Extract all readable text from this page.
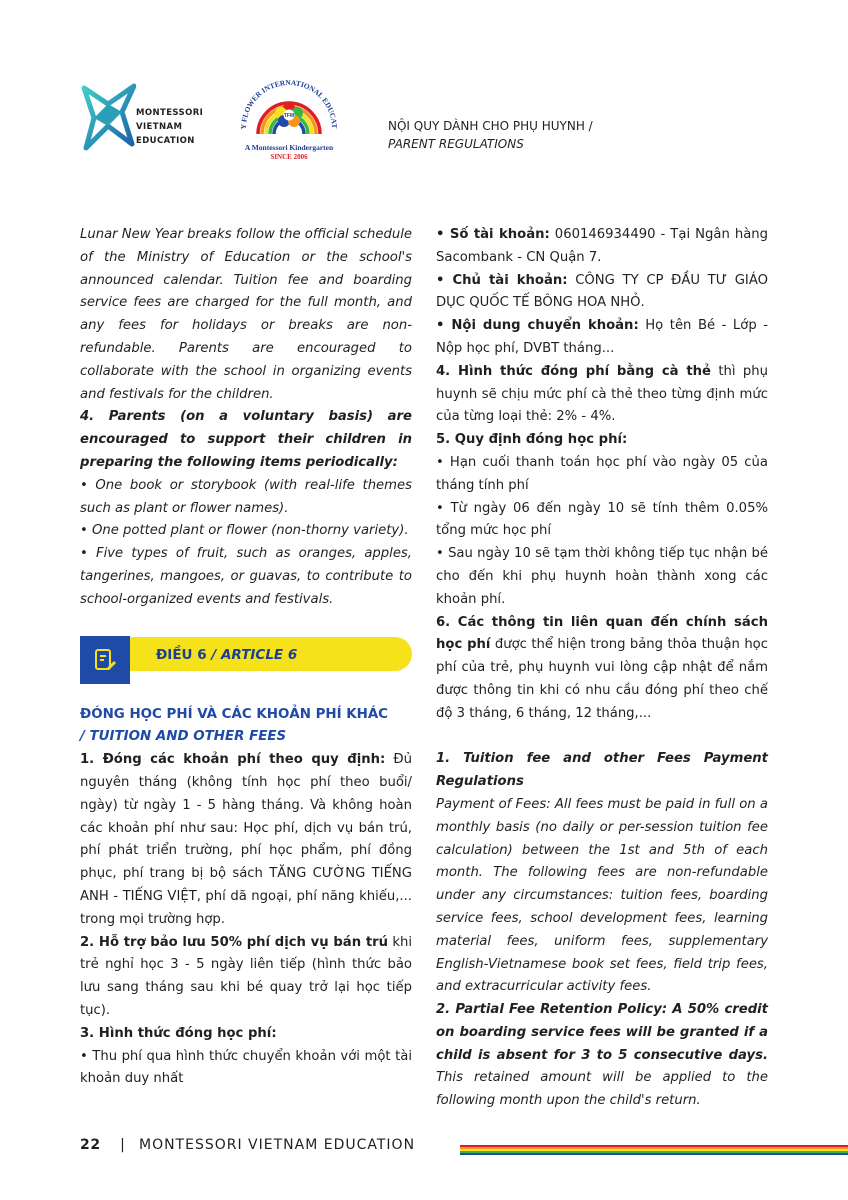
MONTESSORI
VIETNAM
EDUCATION
Y FLOWER INTERNATIONAL EDUCAT
TFM
A Montessori Kindergarten
SINCE 2006
NỘI QUY DÀNH CHO PHỤ HUYNH /
PARENT REGULATIONS

Lunar New Year breaks follow the official schedule of the Ministry of Education or the school's announced calendar. Tuition fee and boarding service fees are charged for the full month, and any fees for holidays or breaks are non-refundable. Parents are encouraged to collaborate with the school in organizing events and festivals for the children.

4. Parents (on a voluntary basis) are encouraged to support their children in preparing the following items periodically:

• One book or storybook (with real-life themes such as plant or flower names).

• One potted plant or flower (non-thorny variety).

• Five types of fruit, such as oranges, apples, tangerines, mangoes, or guavas, to contribute to school-organized events and festivals.

ĐIỀU 6 / ARTICLE 6
ĐÓNG HỌC PHÍ VÀ CÁC KHOẢN PHÍ KHÁC
/ TUITION AND OTHER FEES

1. Đóng các khoản phí theo quy định: Đủ nguyên tháng (không tính học phí theo buổi/ ngày) từ ngày 1 - 5 hàng tháng. Và không hoàn các khoản phí như sau: Học phí, dịch vụ bán trú, phí phát triển trường, phí học phẩm, phí đồng phục, phí trang bị bộ sách TĂNG CƯỜNG TIẾNG ANH - TIẾNG VIỆT, phí dã ngoại, phí năng khiếu,... trong mọi trường hợp.

2. Hỗ trợ bảo lưu 50% phí dịch vụ bán trú khi trẻ nghỉ học 3 - 5 ngày liên tiếp (hình thức bảo lưu sang tháng sau khi bé quay trở lại học tiếp tục).

3. Hình thức đóng học phí:

• Thu phí qua hình thức chuyển khoản với một tài khoản duy nhất

• Số tài khoản: 060146934490 - Tại Ngân hàng Sacombank - CN Quận 7.

• Chủ tài khoản: CÔNG TY CP ĐẦU TƯ GIÁO DỤC QUỐC TẾ BÔNG HOA NHỎ.

• Nội dung chuyển khoản: Họ tên Bé - Lớp - Nộp học phí, DVBT tháng...

4. Hình thức đóng phí bằng cà thẻ thì phụ huynh sẽ chịu mức phí cà thẻ theo từng định mức của từng loại thẻ: 2% - 4%.

5. Quy định đóng học phí:

• Hạn cuối thanh toán học phí vào ngày 05 của tháng tính phí

• Từ ngày 06 đến ngày 10 sẽ tính thêm 0.05% tổng mức học phí

• Sau ngày 10 sẽ tạm thời không tiếp tục nhận bé cho đến khi phụ huynh hoàn thành xong các khoản phí.

6. Các thông tin liên quan đến chính sách học phí được thể hiện trong bảng thỏa thuận học phí của trẻ, phụ huynh vui lòng cập nhật để nắm được thông tin khi có nhu cầu đóng phí theo chế độ 3 tháng, 6 tháng, 12 tháng,...

1. Tuition fee and other Fees Payment Regulations

Payment of Fees: All fees must be paid in full on a monthly basis (no daily or per-session tuition fee calculation) between the 1st and 5th of each month. The following fees are non-refundable under any circumstances: tuition fees, boarding service fees, school development fees, learning material fees, uniform fees, supplementary English-Vietnamese book set fees, field trip fees, and extracurricular activity fees.

2. Partial Fee Retention Policy: A 50% credit on boarding service fees will be granted if a child is absent for 3 to 5 consecutive days. This retained amount will be applied to the following month upon the child's return.

22 | MONTESSORI VIETNAM EDUCATION
